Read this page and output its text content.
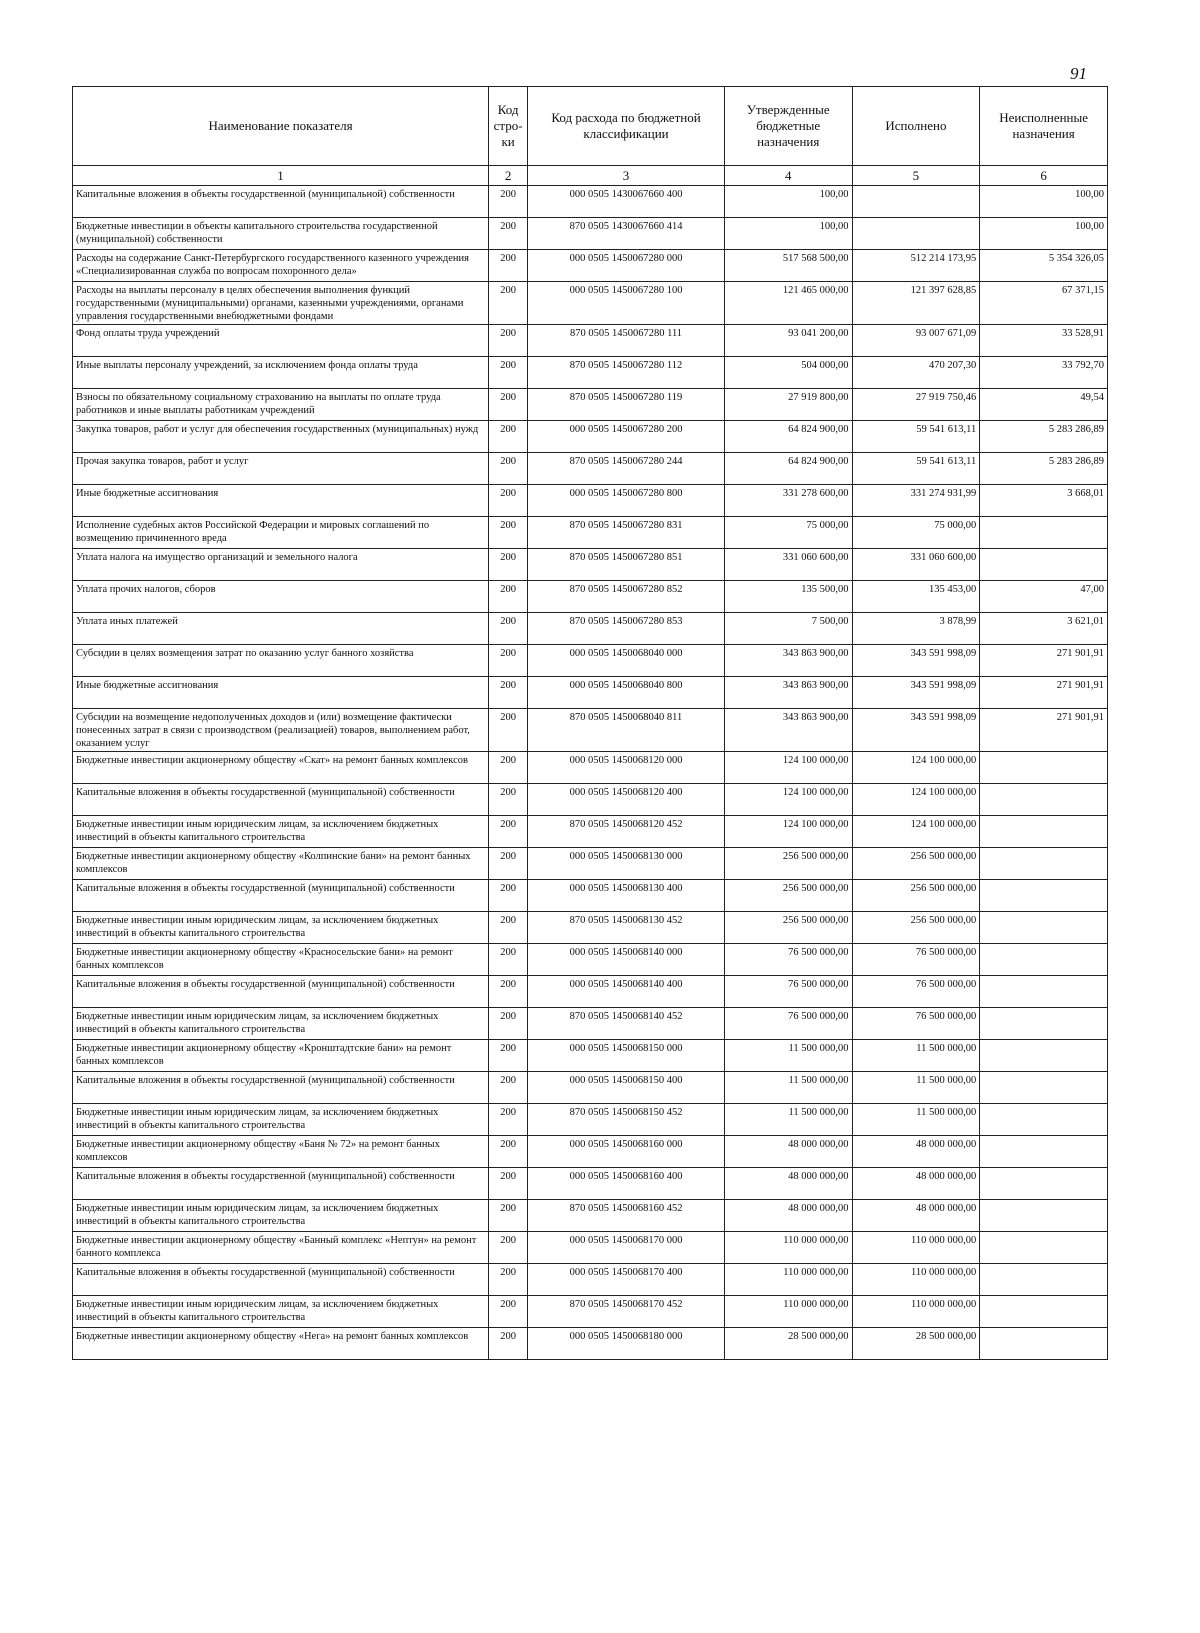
91
Наименование показателя	Код стро-ки	Код расхода по бюджетной классификации	Утвержденные бюджетные назначения	Исполнено	Неисполненные назначения
1	2	3	4	5	6
Капитальные вложения в объекты государственной (муниципальной) собственности	200	000 0505 1430067660 400	100,00		100,00
Бюджетные инвестиции в объекты капитального строительства государственной (муниципальной) собственности	200	870 0505 1430067660 414	100,00		100,00
Расходы на содержание Санкт-Петербургского государственного казенного учреждения «Специализированная служба по вопросам похоронного дела»	200	000 0505 1450067280 000	517 568 500,00	512 214 173,95	5 354 326,05
Расходы на выплаты персоналу в целях обеспечения выполнения функций государственными (муниципальными) органами, казенными учреждениями, органами управления государственными внебюджетными фондами	200	000 0505 1450067280 100	121 465 000,00	121 397 628,85	67 371,15
Фонд оплаты труда учреждений	200	870 0505 1450067280 111	93 041 200,00	93 007 671,09	33 528,91
Иные выплаты персоналу учреждений, за исключением фонда оплаты труда	200	870 0505 1450067280 112	504 000,00	470 207,30	33 792,70
Взносы по обязательному социальному страхованию на выплаты по оплате труда работников и иные выплаты работникам учреждений	200	870 0505 1450067280 119	27 919 800,00	27 919 750,46	49,54
Закупка товаров, работ и услуг для обеспечения государственных (муниципальных) нужд	200	000 0505 1450067280 200	64 824 900,00	59 541 613,11	5 283 286,89
Прочая закупка товаров, работ и услуг	200	870 0505 1450067280 244	64 824 900,00	59 541 613,11	5 283 286,89
Иные бюджетные ассигнования	200	000 0505 1450067280 800	331 278 600,00	331 274 931,99	3 668,01
Исполнение судебных актов Российской Федерации и мировых соглашений по возмещению причиненного вреда	200	870 0505 1450067280 831	75 000,00	75 000,00	
Уплата налога на имущество организаций и земельного налога	200	870 0505 1450067280 851	331 060 600,00	331 060 600,00	
Уплата прочих налогов, сборов	200	870 0505 1450067280 852	135 500,00	135 453,00	47,00
Уплата иных платежей	200	870 0505 1450067280 853	7 500,00	3 878,99	3 621,01
Субсидии в целях возмещения затрат по оказанию услуг банного хозяйства	200	000 0505 1450068040 000	343 863 900,00	343 591 998,09	271 901,91
Иные бюджетные ассигнования	200	000 0505 1450068040 800	343 863 900,00	343 591 998,09	271 901,91
Субсидии на возмещение недополученных доходов и (или) возмещение фактически понесенных затрат в связи с производством (реализацией) товаров, выполнением работ, оказанием услуг	200	870 0505 1450068040 811	343 863 900,00	343 591 998,09	271 901,91
Бюджетные инвестиции акционерному обществу «Скат» на ремонт банных комплексов	200	000 0505 1450068120 000	124 100 000,00	124 100 000,00	
Капитальные вложения в объекты государственной (муниципальной) собственности	200	000 0505 1450068120 400	124 100 000,00	124 100 000,00	
Бюджетные инвестиции иным юридическим лицам, за исключением бюджетных инвестиций в объекты капитального строительства	200	870 0505 1450068120 452	124 100 000,00	124 100 000,00	
Бюджетные инвестиции акционерному обществу «Колпинские бани» на ремонт банных комплексов	200	000 0505 1450068130 000	256 500 000,00	256 500 000,00	
Капитальные вложения в объекты государственной (муниципальной) собственности	200	000 0505 1450068130 400	256 500 000,00	256 500 000,00	
Бюджетные инвестиции иным юридическим лицам, за исключением бюджетных инвестиций в объекты капитального строительства	200	870 0505 1450068130 452	256 500 000,00	256 500 000,00	
Бюджетные инвестиции акционерному обществу «Красносельские бани» на ремонт банных комплексов	200	000 0505 1450068140 000	76 500 000,00	76 500 000,00	
Капитальные вложения в объекты государственной (муниципальной) собственности	200	000 0505 1450068140 400	76 500 000,00	76 500 000,00	
Бюджетные инвестиции иным юридическим лицам, за исключением бюджетных инвестиций в объекты капитального строительства	200	870 0505 1450068140 452	76 500 000,00	76 500 000,00	
Бюджетные инвестиции акционерному обществу «Кронштадтские бани» на ремонт банных комплексов	200	000 0505 1450068150 000	11 500 000,00	11 500 000,00	
Капитальные вложения в объекты государственной (муниципальной) собственности	200	000 0505 1450068150 400	11 500 000,00	11 500 000,00	
Бюджетные инвестиции иным юридическим лицам, за исключением бюджетных инвестиций в объекты капитального строительства	200	870 0505 1450068150 452	11 500 000,00	11 500 000,00	
Бюджетные инвестиции акционерному обществу «Баня № 72» на ремонт банных комплексов	200	000 0505 1450068160 000	48 000 000,00	48 000 000,00	
Капитальные вложения в объекты государственной (муниципальной) собственности	200	000 0505 1450068160 400	48 000 000,00	48 000 000,00	
Бюджетные инвестиции иным юридическим лицам, за исключением бюджетных инвестиций в объекты капитального строительства	200	870 0505 1450068160 452	48 000 000,00	48 000 000,00	
Бюджетные инвестиции акционерному обществу «Банный комплекс «Нептун» на ремонт банного комплекса	200	000 0505 1450068170 000	110 000 000,00	110 000 000,00	
Капитальные вложения в объекты государственной (муниципальной) собственности	200	000 0505 1450068170 400	110 000 000,00	110 000 000,00	
Бюджетные инвестиции иным юридическим лицам, за исключением бюджетных инвестиций в объекты капитального строительства	200	870 0505 1450068170 452	110 000 000,00	110 000 000,00	
Бюджетные инвестиции акционерному обществу «Нега» на ремонт банных комплексов	200	000 0505 1450068180 000	28 500 000,00	28 500 000,00	
